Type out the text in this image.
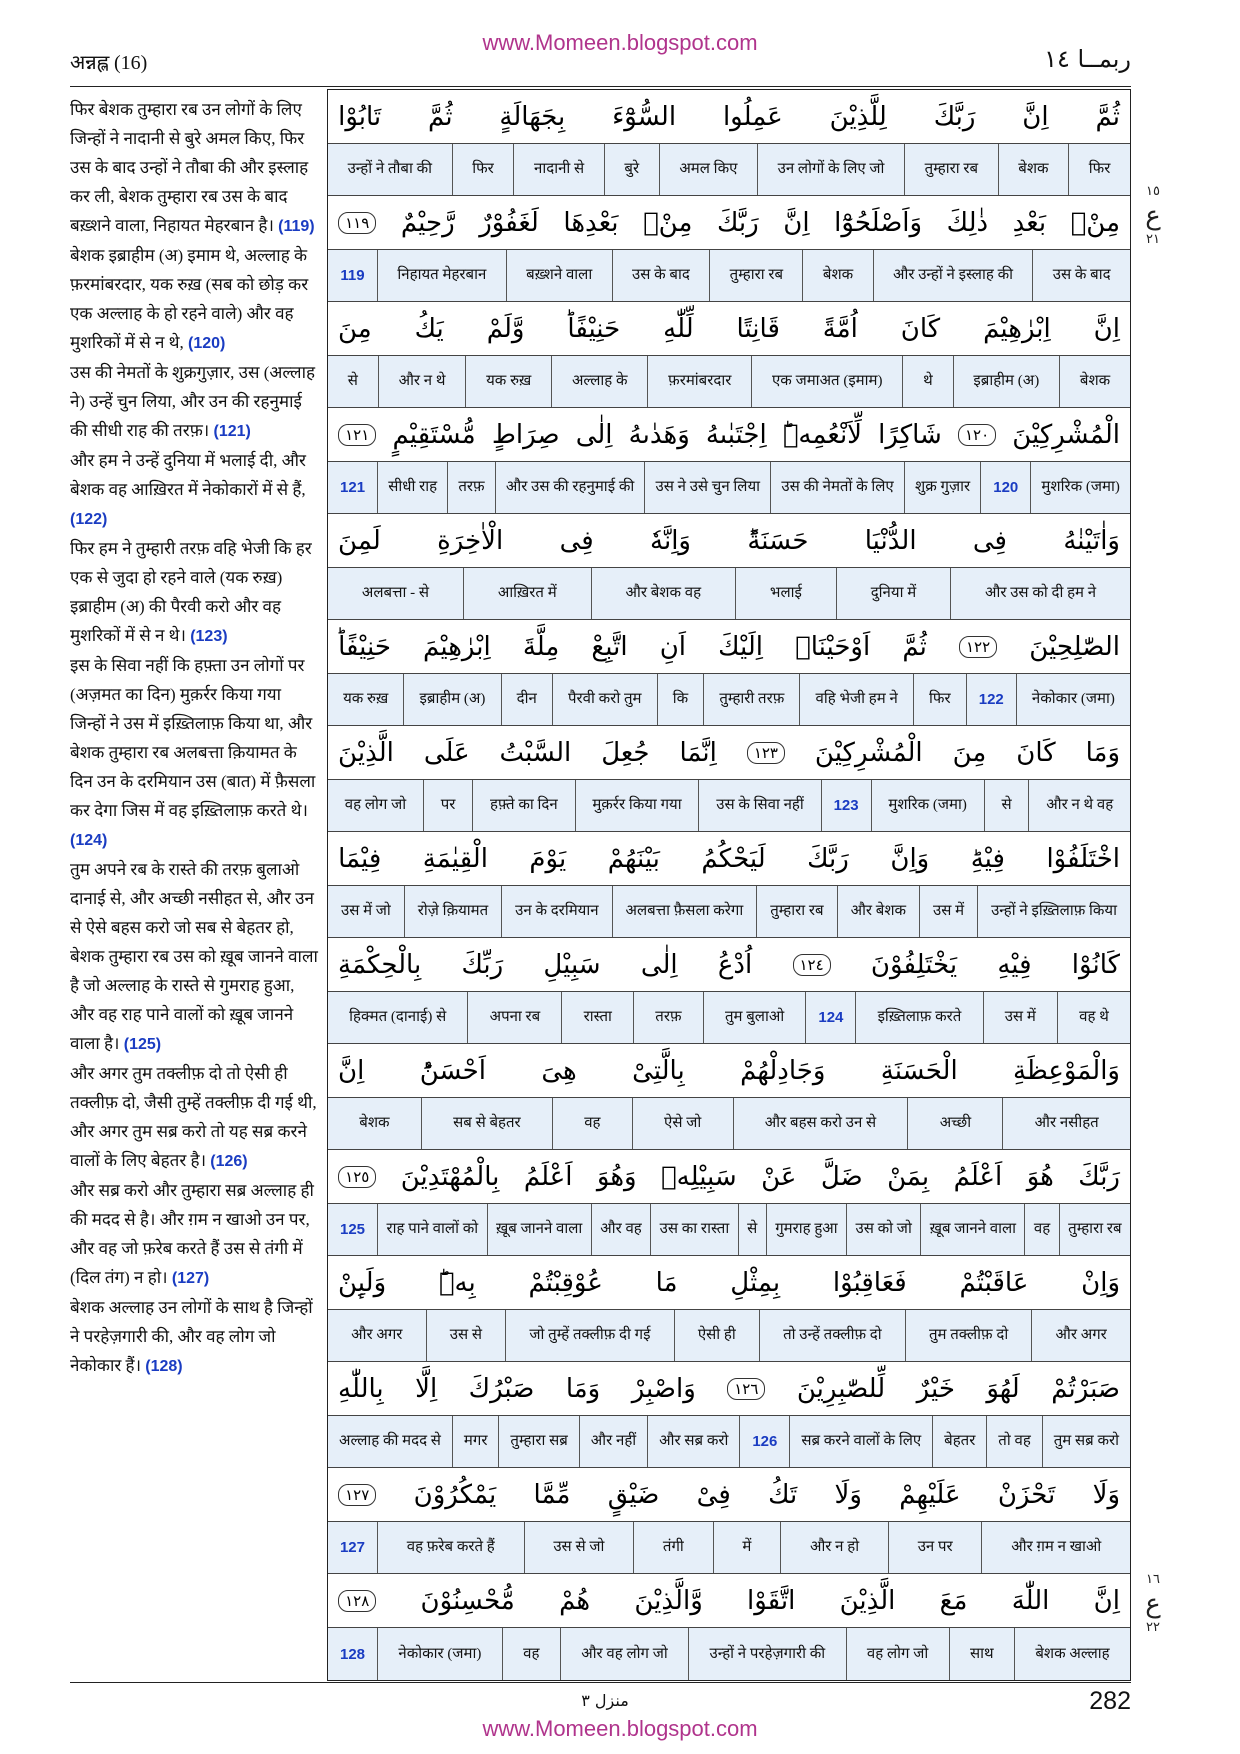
www.Momeen.blogspot.com
अन्नह्ल (16)	ربمــا ١٤

फिर बेशक तुम्हारा रब उन लोगों के लिए जिन्हों ने नादानी से बुरे अमल किए, फिर उस के बाद उन्हों ने तौबा की और इस्लाह कर ली, बेशक तुम्हारा रब उस के बाद बख़्शने वाला, निहायत मेहरबान है। (119)

बेशक इब्राहीम (अ) इमाम थे, अल्लाह के फ़रमांबरदार, यक रुख़ (सब को छोड़ कर एक अल्लाह के हो रहने वाले) और वह मुशरिकों में से न थे, (120)

उस की नेमतों के शुक्रगुज़ार, उस (अल्लाह ने) उन्हें चुन लिया, और उन की रहनुमाई की सीधी राह की तरफ़। (121)

और हम ने उन्हें दुनिया में भलाई दी, और बेशक वह आख़िरत में नेकोकारों में से हैं, (122)

फिर हम ने तुम्हारी तरफ़ वहि भेजी कि हर एक से जुदा हो रहने वाले (यक रुख़) इब्राहीम (अ) की पैरवी करो और वह मुशरिकों में से न थे। (123)

इस के सिवा नहीं कि हफ़्ता उन लोगों पर (अज़मत का दिन) मुक़र्रर किया गया जिन्हों ने उस में इख़्तिलाफ़ किया था, और बेशक तुम्हारा रब अलबत्ता क़ियामत के दिन उन के दरमियान उस (बात) में फ़ैसला कर देगा जिस में वह इख़्तिलाफ़ करते थे। (124)

तुम अपने रब के रास्ते की तरफ़ बुलाओ दानाई से, और अच्छी नसीहत से, और उन से ऐसे बहस करो जो सब से बेहतर हो, बेशक तुम्हारा रब उस को ख़ूब जानने वाला है जो अल्लाह के रास्ते से गुमराह हुआ, और वह राह पाने वालों को ख़ूब जानने वाला है। (125)

और अगर तुम तक्लीफ़ दो तो ऐसी ही तक्लीफ़ दो, जैसी तुम्हें तक्लीफ़ दी गई थी, और अगर तुम सब्र करो तो यह सब्र करने वालों के लिए बेहतर है। (126)

और सब्र करो और तुम्हारा सब्र अल्लाह ही की मदद से है। और ग़म न खाओ उन पर, और वह जो फ़रेब करते हैं उस से तंगी में (दिल तंग) न हो। (127)

बेशक अल्लाह उन लोगों के साथ है जिन्हों ने परहेज़गारी की, और वह लोग जो नेकोकार हैं। (128)

ثُمَّ
اِنَّ
رَبَّكَ
لِلَّذِيْنَ
عَمِلُوا
السُّوْٓءَ
بِجَهَالَةٍ
ثُمَّ
تَابُوْا
फिर
बेशक
तुम्हारा रब
उन लोगों के लिए जो
अमल किए
बुरे
नादानी से
फिर
उन्हों ने तौबा की
مِنْۢ
بَعْدِ
ذٰلِكَ
وَاَصْلَحُوْٓا
اِنَّ
رَبَّكَ
مِنْۢ
بَعْدِهَا
لَغَفُوْرٌ
رَّحِيْمٌ
١١٩
उस के बाद
और उन्हों ने इस्लाह की
बेशक
तुम्हारा रब
उस के बाद
बख़्शने वाला
निहायत मेहरबान
119
اِنَّ
اِبْرٰهِيْمَ
كَانَ
اُمَّةً
قَانِتًا
لِّلّٰهِ
حَنِيْفًاؕ
وَّلَمْ
يَكُ
مِنَ
बेशक
इब्राहीम (अ)
थे
एक जमाअत (इमाम)
फ़रमांबरदार
अल्लाह के
यक रुख़
और न थे
से
الْمُشْرِكِيْنَ
١٢٠
شَاكِرًا
لِّاَنْعُمِهٖؕ
اِجْتَبٰىهُ
وَهَدٰىهُ
اِلٰى
صِرَاطٍ
مُّسْتَقِيْمٍ
١٢١
मुशरिक (जमा)
120
शुक्र गुज़ार
उस की नेमतों के लिए
उस ने उसे चुन लिया
और उस की रहनुमाई की
तरफ़
सीधी राह
121
وَاٰتَيْنٰهُ
فِى
الدُّنْيَا
حَسَنَةًؕ
وَاِنَّهٗ
فِى
الْاٰخِرَةِ
لَمِنَ
और उस को दी हम ने
दुनिया में
भलाई
और बेशक वह
आख़िरत में
अलबत्ता - से
الصّٰلِحِيْنَ
١٢٢
ثُمَّ
اَوْحَيْنَاۤ
اِلَيْكَ
اَنِ
اتَّبِعْ
مِلَّةَ
اِبْرٰهِيْمَ
حَنِيْفًاؕ
नेकोकार (जमा)
122
फिर
वहि भेजी हम ने
तुम्हारी तरफ़
कि
पैरवी करो तुम
दीन
इब्राहीम (अ)
यक रुख़
وَمَا
كَانَ
مِنَ
الْمُشْرِكِيْنَ
١٢٣
اِنَّمَا
جُعِلَ
السَّبْتُ
عَلَى
الَّذِيْنَ
और न थे वह
से
मुशरिक (जमा)
123
उस के सिवा नहीं
मुक़र्रर किया गया
हफ़्ते का दिन
पर
वह लोग जो
اخْتَلَفُوْا
فِيْهِؕ
وَاِنَّ
رَبَّكَ
لَيَحْكُمُ
بَيْنَهُمْ
يَوْمَ
الْقِيٰمَةِ
فِيْمَا
उन्हों ने इख़्तिलाफ़ किया
उस में
और बेशक
तुम्हारा रब
अलबत्ता फ़ैसला करेगा
उन के दरमियान
रोज़े क़ियामत
उस में जो
كَانُوْا
فِيْهِ
يَخْتَلِفُوْنَ
١٢٤
اُدْعُ
اِلٰى
سَبِيْلِ
رَبِّكَ
بِالْحِكْمَةِ
वह थे
उस में
इख़्तिलाफ़ करते
124
तुम बुलाओ
तरफ़
रास्ता
अपना रब
हिक्मत (दानाई) से
وَالْمَوْعِظَةِ
الْحَسَنَةِ
وَجَادِلْهُمْ
بِالَّتِىْ
هِىَ
اَحْسَنُؕ
اِنَّ
और नसीहत
अच्छी
और बहस करो उन से
ऐसे जो
वह
सब से बेहतर
बेशक
رَبَّكَ
هُوَ
اَعْلَمُ
بِمَنْ
ضَلَّ
عَنْ
سَبِيْلِهٖ
وَهُوَ
اَعْلَمُ
بِالْمُهْتَدِيْنَ
١٢٥
तुम्हारा रब
वह
ख़ूब जानने वाला
उस को जो
गुमराह हुआ
से
उस का रास्ता
और वह
ख़ूब जानने वाला
राह पाने वालों को
125
وَاِنْ
عَاقَبْتُمْ
فَعَاقِبُوْا
بِمِثْلِ
مَا
عُوْقِبْتُمْ
بِهٖؕ
وَلَىِٕنْ
और अगर
तुम तक्लीफ़ दो
तो उन्हें तक्लीफ़ दो
ऐसी ही
जो तुम्हें तक्लीफ़ दी गई
उस से
और अगर
صَبَرْتُمْ
لَهُوَ
خَيْرٌ
لِّلصّٰبِرِيْنَ
١٢٦
وَاصْبِرْ
وَمَا
صَبْرُكَ
اِلَّا
بِاللّٰهِ
तुम सब्र करो
तो वह
बेहतर
सब्र करने वालों के लिए
126
और सब्र करो
और नहीं
तुम्हारा सब्र
मगर
अल्लाह की मदद से
وَلَا
تَحْزَنْ
عَلَيْهِمْ
وَلَا
تَكُ
فِىْ
ضَيْقٍ
مِّمَّا
يَمْكُرُوْنَ
١٢٧
और ग़म न खाओ
उन पर
और न हो
में
तंगी
उस से जो
वह फ़रेब करते हैं
127
اِنَّ
اللّٰهَ
مَعَ
الَّذِيْنَ
اتَّقَوْا
وَّالَّذِيْنَ
هُمْ
مُّحْسِنُوْنَ
١٢٨
बेशक अल्लाह
साथ
वह लोग जो
उन्हों ने परहेज़गारी की
और वह लोग जो
वह
नेकोकार (जमा)
128
١٥
ع
٢١
١٦
ع
٢٢
منزل ٣	282
www.Momeen.blogspot.com
